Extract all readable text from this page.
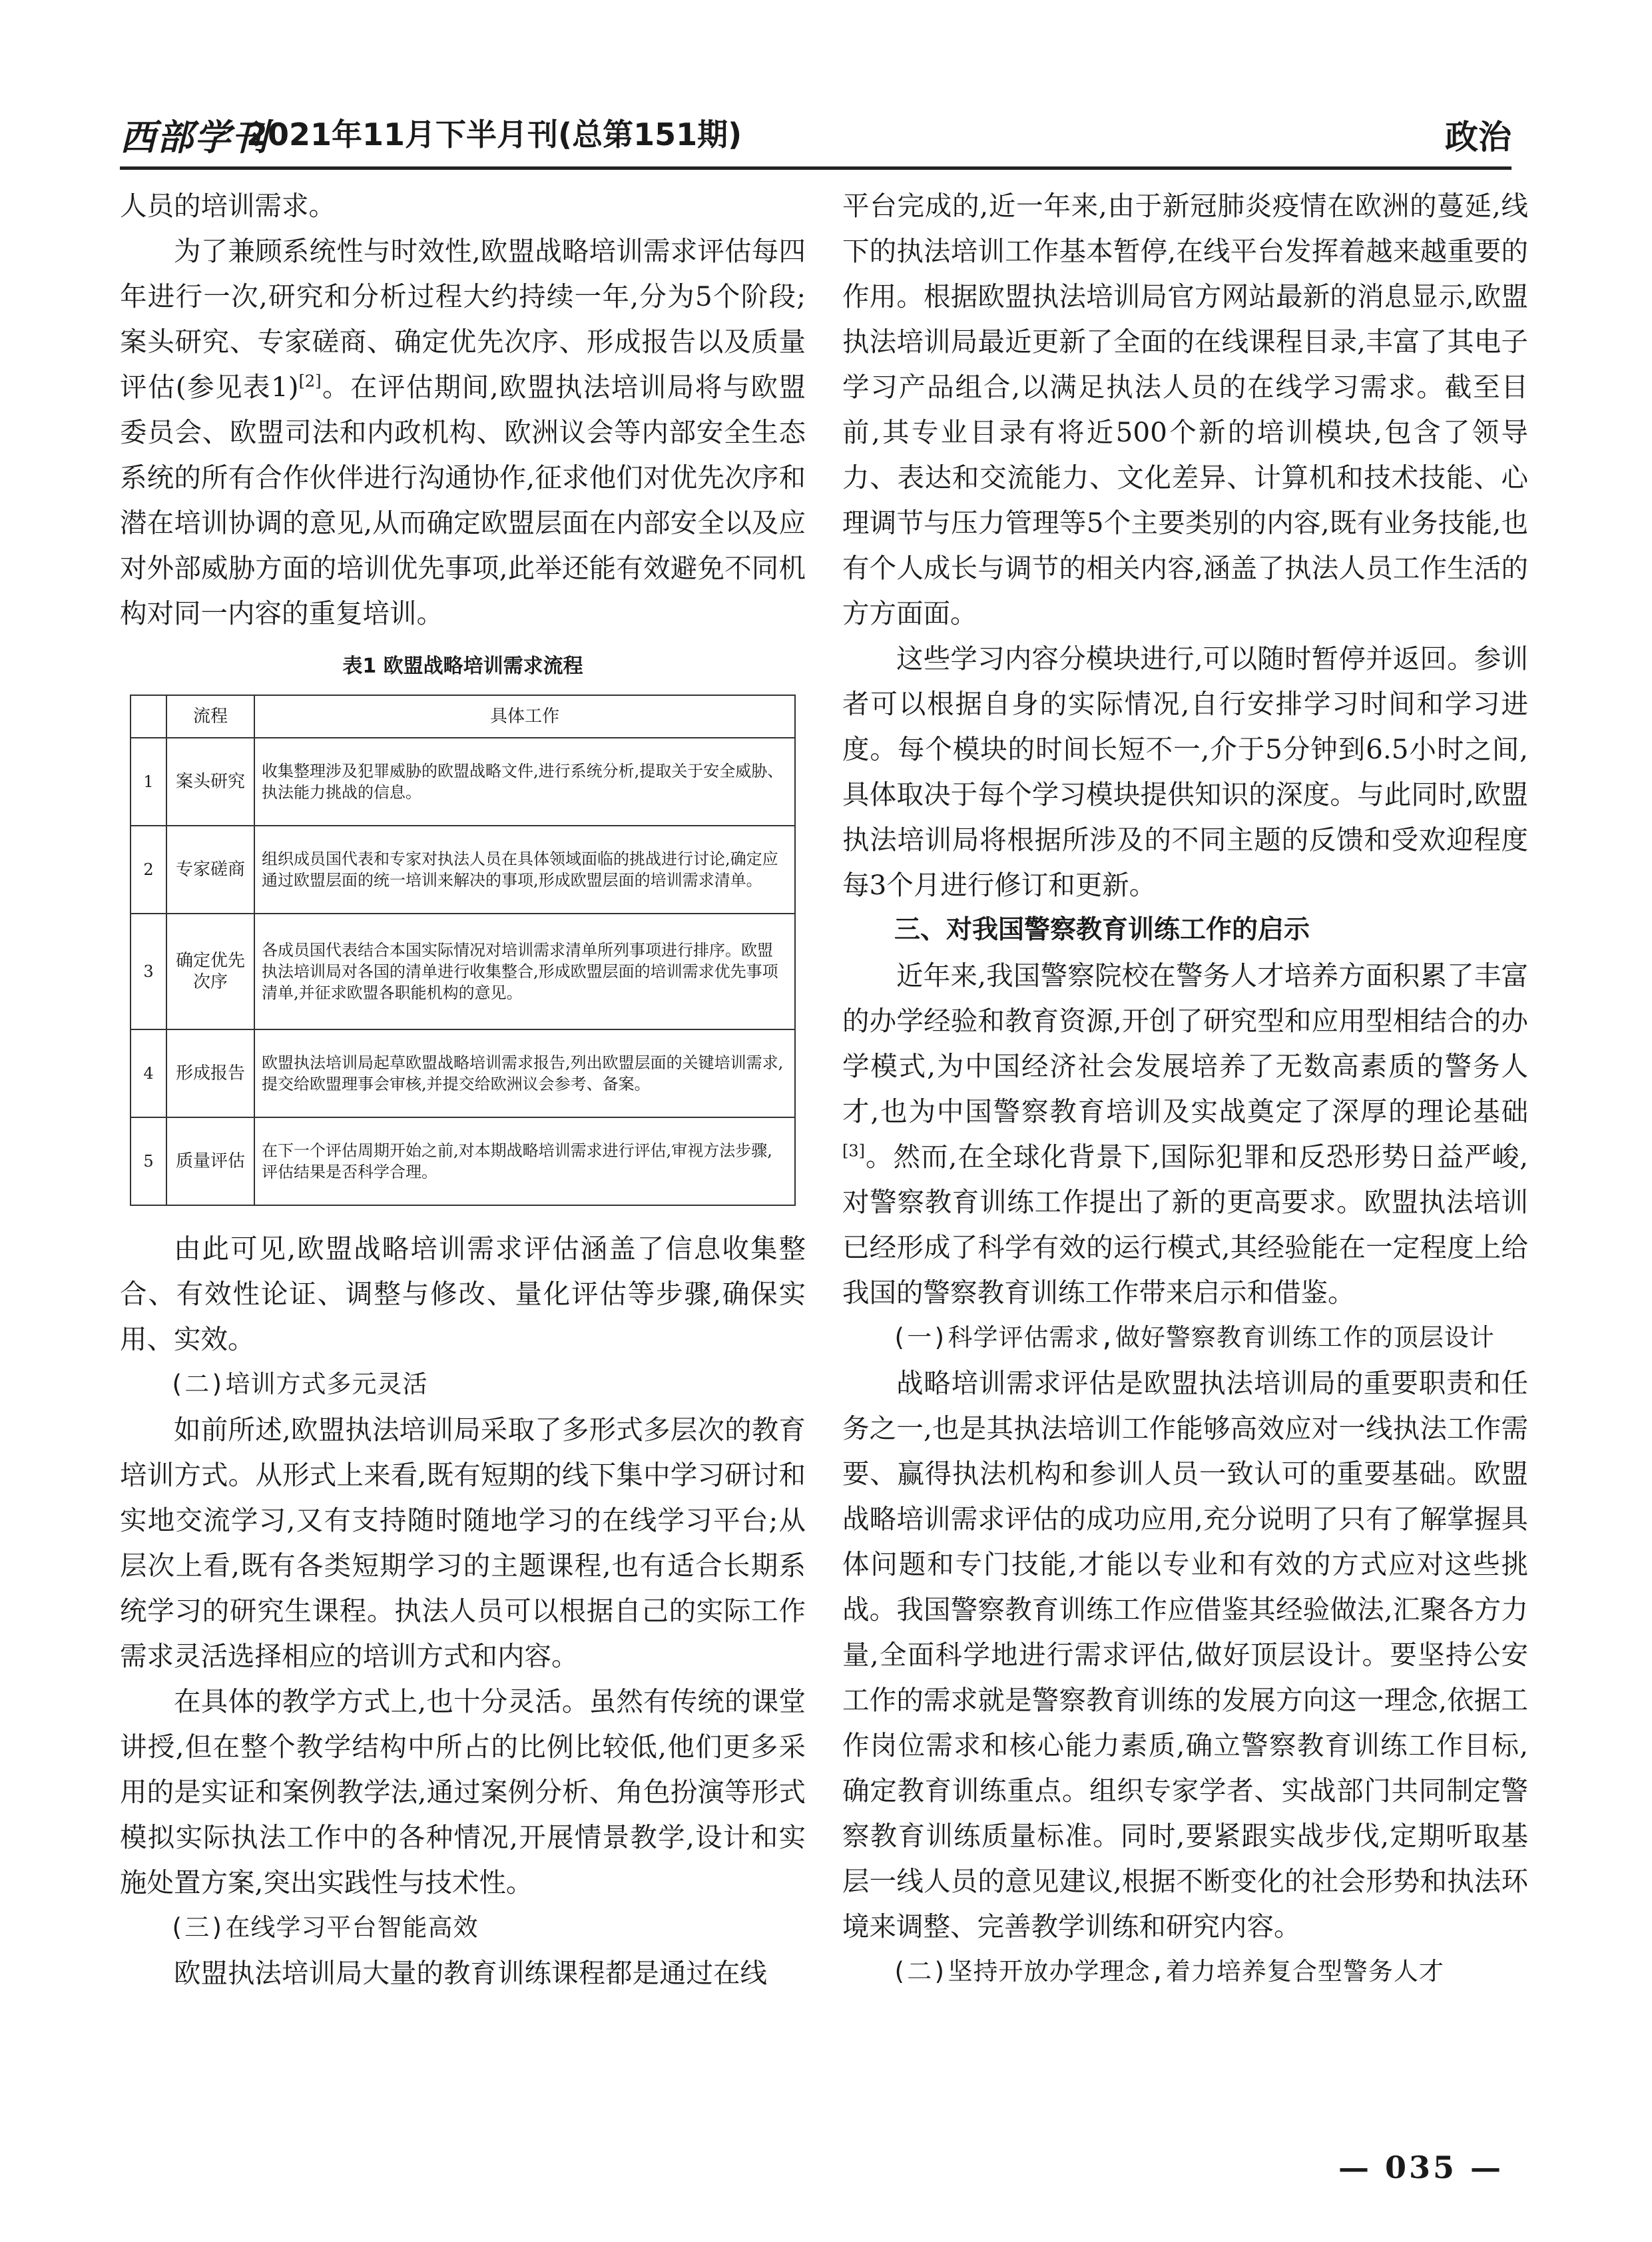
西部学刊
2021年11月下半月刊(总第151期)	政治

人员的培训需求。

为了兼顾系统性与时效性,欧盟战略培训需求评估每四年进行一次,研究和分析过程大约持续一年,分为5个阶段;案头研究、专家磋商、确定优先次序、形成报告以及质量评估(参见表1)[2]。在评估期间,欧盟执法培训局将与欧盟委员会、欧盟司法和内政机构、欧洲议会等内部安全生态系统的所有合作伙伴进行沟通协作,征求他们对优先次序和潜在培训协调的意见,从而确定欧盟层面在内部安全以及应对外部威胁方面的培训优先事项,此举还能有效避免不同机构对同一内容的重复培训。

表1 欧盟战略培训需求流程
	流程	具体工作
1	案头研究	收集整理涉及犯罪威胁的欧盟战略文件,进行系统分析,提取关于安全威胁、执法能力挑战的信息。
2	专家磋商	组织成员国代表和专家对执法人员在具体领域面临的挑战进行讨论,确定应通过欧盟层面的统一培训来解决的事项,形成欧盟层面的培训需求清单。
3	确定优先次序	各成员国代表结合本国实际情况对培训需求清单所列事项进行排序。欧盟执法培训局对各国的清单进行收集整合,形成欧盟层面的培训需求优先事项清单,并征求欧盟各职能机构的意见。
4	形成报告	欧盟执法培训局起草欧盟战略培训需求报告,列出欧盟层面的关键培训需求,提交给欧盟理事会审核,并提交给欧洲议会参考、备案。
5	质量评估	在下一个评估周期开始之前,对本期战略培训需求进行评估,审视方法步骤,评估结果是否科学合理。

由此可见,欧盟战略培训需求评估涵盖了信息收集整合、有效性论证、调整与修改、量化评估等步骤,确保实用、实效。

(二)培训方式多元灵活

如前所述,欧盟执法培训局采取了多形式多层次的教育培训方式。从形式上来看,既有短期的线下集中学习研讨和实地交流学习,又有支持随时随地学习的在线学习平台;从层次上看,既有各类短期学习的主题课程,也有适合长期系统学习的研究生课程。执法人员可以根据自己的实际工作需求灵活选择相应的培训方式和内容。

在具体的教学方式上,也十分灵活。虽然有传统的课堂讲授,但在整个教学结构中所占的比例比较低,他们更多采用的是实证和案例教学法,通过案例分析、角色扮演等形式模拟实际执法工作中的各种情况,开展情景教学,设计和实施处置方案,突出实践性与技术性。

(三)在线学习平台智能高效

欧盟执法培训局大量的教育训练课程都是通过在线

平台完成的,近一年来,由于新冠肺炎疫情在欧洲的蔓延,线下的执法培训工作基本暂停,在线平台发挥着越来越重要的作用。根据欧盟执法培训局官方网站最新的消息显示,欧盟执法培训局最近更新了全面的在线课程目录,丰富了其电子学习产品组合,以满足执法人员的在线学习需求。截至目前,其专业目录有将近500个新的培训模块,包含了领导力、表达和交流能力、文化差异、计算机和技术技能、心理调节与压力管理等5个主要类别的内容,既有业务技能,也有个人成长与调节的相关内容,涵盖了执法人员工作生活的方方面面。

这些学习内容分模块进行,可以随时暂停并返回。参训者可以根据自身的实际情况,自行安排学习时间和学习进度。每个模块的时间长短不一,介于5分钟到6.5小时之间,具体取决于每个学习模块提供知识的深度。与此同时,欧盟执法培训局将根据所涉及的不同主题的反馈和受欢迎程度每3个月进行修订和更新。

三、对我国警察教育训练工作的启示

近年来,我国警察院校在警务人才培养方面积累了丰富的办学经验和教育资源,开创了研究型和应用型相结合的办学模式,为中国经济社会发展培养了无数高素质的警务人才,也为中国警察教育培训及实战奠定了深厚的理论基础[3]。然而,在全球化背景下,国际犯罪和反恐形势日益严峻,对警察教育训练工作提出了新的更高要求。欧盟执法培训已经形成了科学有效的运行模式,其经验能在一定程度上给我国的警察教育训练工作带来启示和借鉴。

(一)科学评估需求,做好警察教育训练工作的顶层设计

战略培训需求评估是欧盟执法培训局的重要职责和任务之一,也是其执法培训工作能够高效应对一线执法工作需要、赢得执法机构和参训人员一致认可的重要基础。欧盟战略培训需求评估的成功应用,充分说明了只有了解掌握具体问题和专门技能,才能以专业和有效的方式应对这些挑战。我国警察教育训练工作应借鉴其经验做法,汇聚各方力量,全面科学地进行需求评估,做好顶层设计。要坚持公安工作的需求就是警察教育训练的发展方向这一理念,依据工作岗位需求和核心能力素质,确立警察教育训练工作目标,确定教育训练重点。组织专家学者、实战部门共同制定警察教育训练质量标准。同时,要紧跟实战步伐,定期听取基层一线人员的意见建议,根据不断变化的社会形势和执法环境来调整、完善教学训练和研究内容。

(二)坚持开放办学理念,着力培养复合型警务人才

— 035 —
